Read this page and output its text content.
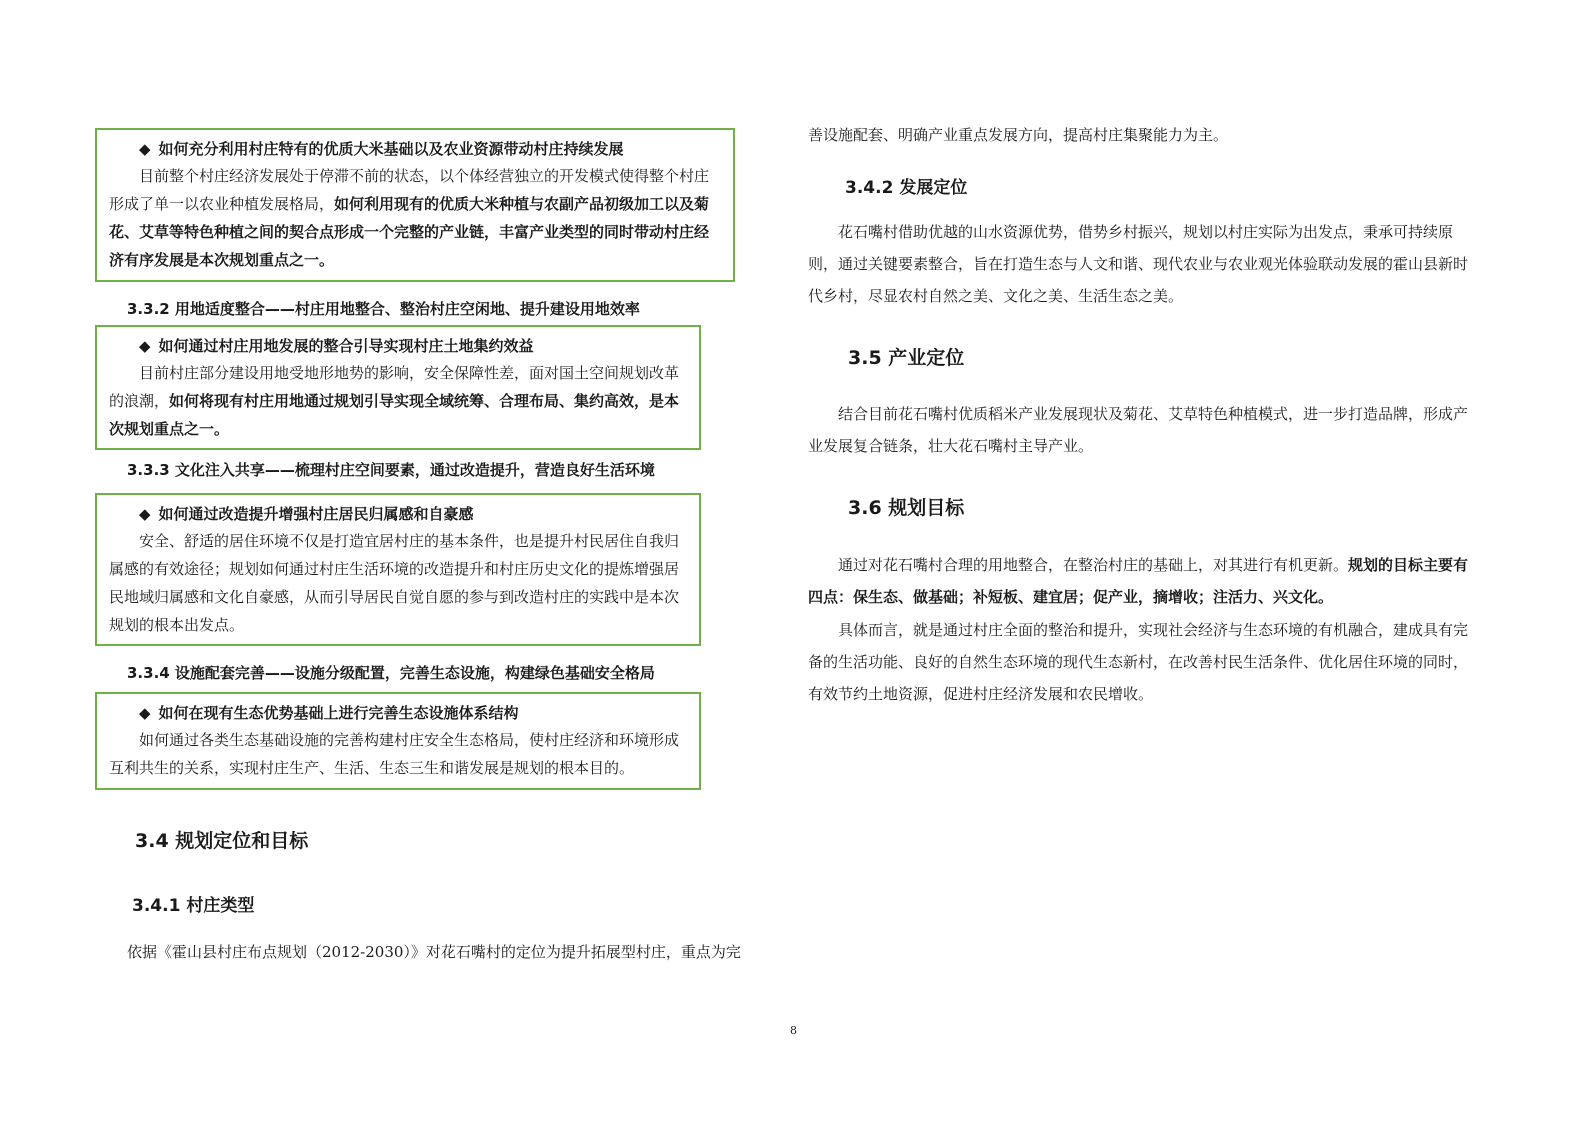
◆ 如何充分利用村庄特有的优质大米基础以及农业资源带动村庄持续发展
目前整个村庄经济发展处于停滞不前的状态，以个体经营独立的开发模式使得整个村庄形成了单一以农业种植发展格局，如何利用现有的优质大米种植与农副产品初级加工以及菊花、艾草等特色种植之间的契合点形成一个完整的产业链，丰富产业类型的同时带动村庄经济有序发展是本次规划重点之一。
3.3.2 用地适度整合——村庄用地整合、整治村庄空闲地、提升建设用地效率
◆ 如何通过村庄用地发展的整合引导实现村庄土地集约效益
目前村庄部分建设用地受地形地势的影响，安全保障性差，面对国土空间规划改革的浪潮，如何将现有村庄用地通过规划引导实现全域统筹、合理布局、集约高效，是本次规划重点之一。
3.3.3 文化注入共享——梳理村庄空间要素，通过改造提升，营造良好生活环境
◆ 如何通过改造提升增强村庄居民归属感和自豪感
安全、舒适的居住环境不仅是打造宜居村庄的基本条件，也是提升村民居住自我归属感的有效途径；规划如何通过村庄生活环境的改造提升和村庄历史文化的提炼增强居民地域归属感和文化自豪感，从而引导居民自觉自愿的参与到改造村庄的实践中是本次规划的根本出发点。
3.3.4 设施配套完善——设施分级配置，完善生态设施，构建绿色基础安全格局
◆ 如何在现有生态优势基础上进行完善生态设施体系结构
如何通过各类生态基础设施的完善构建村庄安全生态格局，使村庄经济和环境形成互利共生的关系，实现村庄生产、生活、生态三生和谐发展是规划的根本目的。
3.4 规划定位和目标
3.4.1 村庄类型
依据《霍山县村庄布点规划（2012-2030）》对花石嘴村的定位为提升拓展型村庄，重点为完
善设施配套、明确产业重点发展方向，提高村庄集聚能力为主。
3.4.2 发展定位
花石嘴村借助优越的山水资源优势，借势乡村振兴，规划以村庄实际为出发点，秉承可持续原则，通过关键要素整合，旨在打造生态与人文和谐、现代农业与农业观光体验联动发展的霍山县新时代乡村，尽显农村自然之美、文化之美、生活生态之美。
3.5 产业定位
结合目前花石嘴村优质稻米产业发展现状及菊花、艾草特色种植模式，进一步打造品牌，形成产业发展复合链条，壮大花石嘴村主导产业。
3.6 规划目标
通过对花石嘴村合理的用地整合，在整治村庄的基础上，对其进行有机更新。规划的目标主要有四点：保生态、做基础；补短板、建宜居；促产业，摘增收；注活力、兴文化。
具体而言，就是通过村庄全面的整治和提升，实现社会经济与生态环境的有机融合，建成具有完备的生活功能、良好的自然生态环境的现代生态新村，在改善村民生活条件、优化居住环境的同时，有效节约土地资源，促进村庄经济发展和农民增收。
8
